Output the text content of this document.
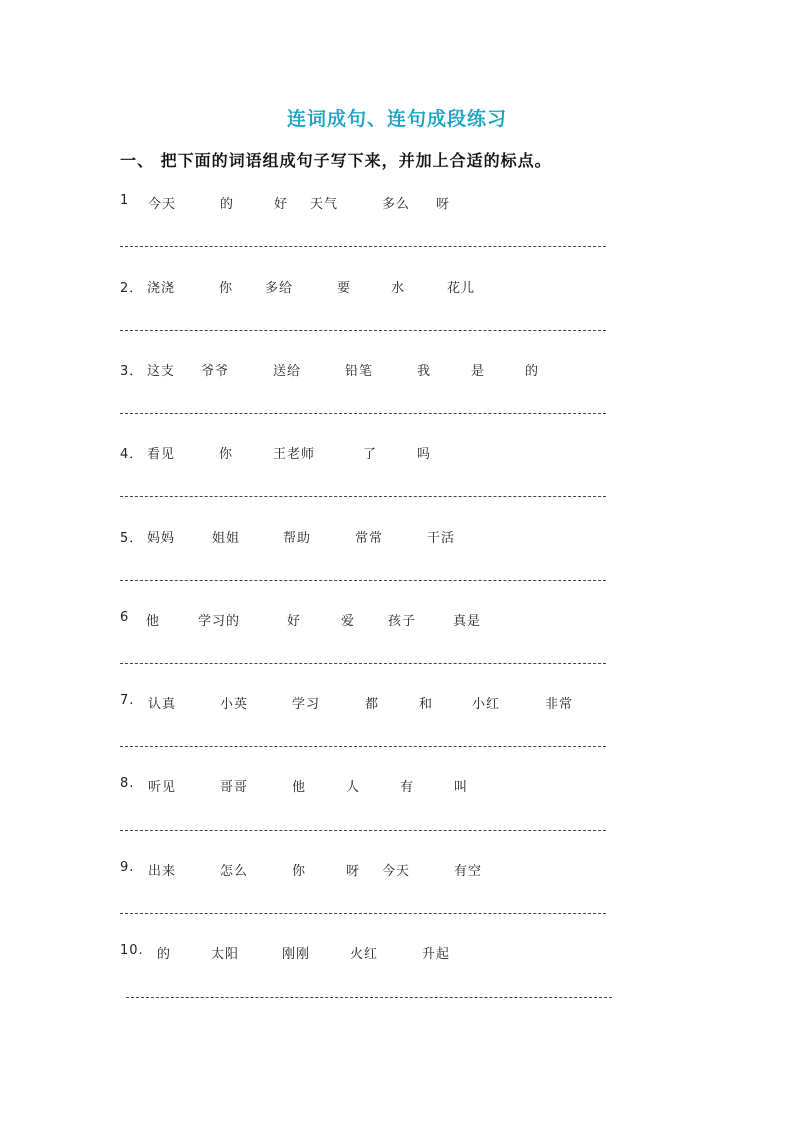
连词成句、连句成段练习
一、 把下面的词语组成句子写下来，并加上合适的标点。
1 今天	的	好 天气	多么 呀
2． 浇浇	你 多给	要	水	花儿
3． 这支 爷爷	送给	铅笔	我	是	的
4． 看见	你	王老师	了	吗
5． 妈妈	姐姐	帮助	常常	干活
6 他	学习的	好	爱	孩子	真是
7. 认真	小英	学习	都	和	小红	非常
8. 听见	哥哥	他	人	有	叫
9. 出来	怎么	你	呀 今天	有空
10. 的	太阳	刚刚	火红	升起
